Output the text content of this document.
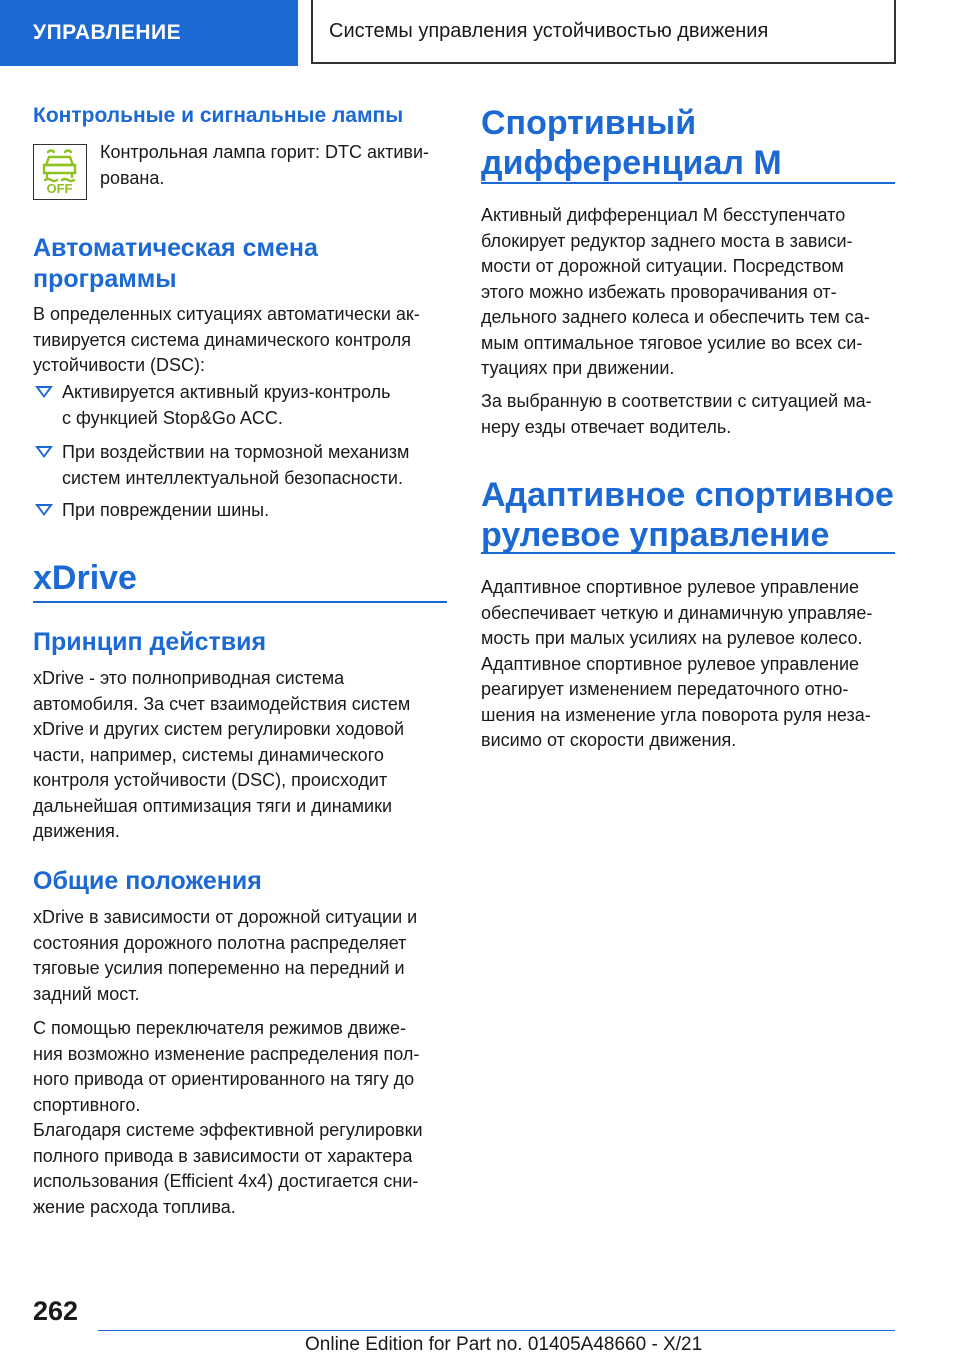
УПРАВЛЕНИЕ	Системы управления устойчивостью движения
Контрольные и сигнальные лампы
OFF

Контрольная лампа горит: DTC активи‐

рована.

Автоматическая смена
программы

В определенных ситуациях автоматически ак‐

тивируется система динамического контроля

устойчивости (DSC):

Активируется активный круиз-контроль

с функцией Stop&Go ACC.

При воздействии на тормозной механизм

систем интеллектуальной безопасности.

При повреждении шины.

xDrive
Принцип действия

xDrive - это полноприводная система

автомобиля. За счет взаимодействия систем

xDrive и других систем регулировки ходовой

части, например, системы динамического

контроля устойчивости (DSC), происходит

дальнейшая оптимизация тяги и динамики

движения.

Общие положения

xDrive в зависимости от дорожной ситуации и

состояния дорожного полотна распределяет

тяговые усилия попеременно на передний и

задний мост.

С помощью переключателя режимов движе‐

ния возможно изменение распределения пол‐

ного привода от ориентированного на тягу до

спортивного.

Благодаря системе эффективной регулировки

полного привода в зависимости от характера

использования (Efficient 4x4) достигается сни‐

жение расхода топлива.

Спортивный
дифференциал M

Активный дифференциал M бесступенчато

блокирует редуктор заднего моста в зависи‐

мости от дорожной ситуации. Посредством

этого можно избежать проворачивания от‐

дельного заднего колеса и обеспечить тем са‐

мым оптимальное тяговое усилие во всех си‐

туациях при движении.

За выбранную в соответствии с ситуацией ма‐

неру езды отвечает водитель.

Адаптивное спортивное
рулевое управление

Адаптивное спортивное рулевое управление

обеспечивает четкую и динамичную управляе‐

мость при малых усилиях на рулевое колесо.

Адаптивное спортивное рулевое управление

реагирует изменением передаточного отно‐

шения на изменение угла поворота руля неза‐

висимо от скорости движения.

262
Online Edition for Part no. 01405A48660 - X/21
